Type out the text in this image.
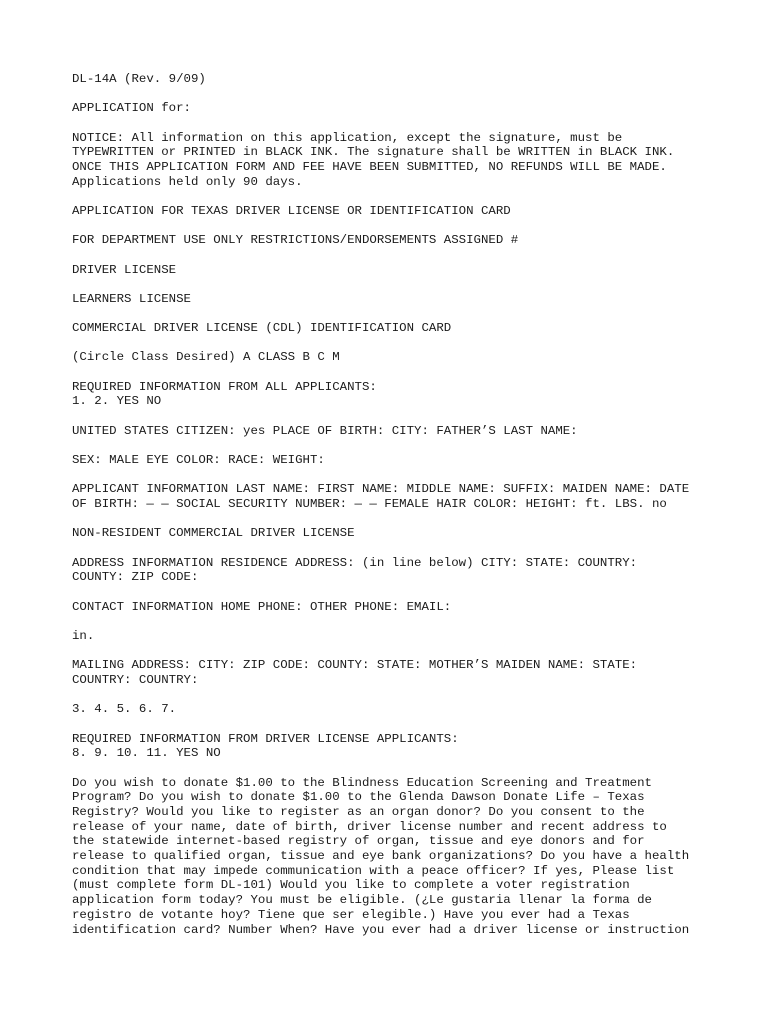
DL-14A (Rev. 9/09)

APPLICATION for:

NOTICE: All information on this application, except the signature, must be
TYPEWRITTEN or PRINTED in BLACK INK. The signature shall be WRITTEN in BLACK INK.
ONCE THIS APPLICATION FORM AND FEE HAVE BEEN SUBMITTED, NO REFUNDS WILL BE MADE.
Applications held only 90 days.

APPLICATION FOR TEXAS DRIVER LICENSE OR IDENTIFICATION CARD

FOR DEPARTMENT USE ONLY RESTRICTIONS/ENDORSEMENTS ASSIGNED #

DRIVER LICENSE

LEARNERS LICENSE

COMMERCIAL DRIVER LICENSE (CDL) IDENTIFICATION CARD

(Circle Class Desired) A CLASS B C M

REQUIRED INFORMATION FROM ALL APPLICANTS:
1. 2. YES NO

UNITED STATES CITIZEN: yes PLACE OF BIRTH: CITY: FATHER’S LAST NAME:

SEX: MALE EYE COLOR: RACE: WEIGHT:

APPLICANT INFORMATION LAST NAME: FIRST NAME: MIDDLE NAME: SUFFIX: MAIDEN NAME: DATE
OF BIRTH: — — SOCIAL SECURITY NUMBER: — — FEMALE HAIR COLOR: HEIGHT: ft. LBS. no

NON-RESIDENT COMMERCIAL DRIVER LICENSE

ADDRESS INFORMATION RESIDENCE ADDRESS: (in line below) CITY: STATE: COUNTRY:
COUNTY: ZIP CODE:

CONTACT INFORMATION HOME PHONE: OTHER PHONE: EMAIL:

in.

MAILING ADDRESS: CITY: ZIP CODE: COUNTY: STATE: MOTHER’S MAIDEN NAME: STATE:
COUNTRY: COUNTRY:

3. 4. 5. 6. 7.

REQUIRED INFORMATION FROM DRIVER LICENSE APPLICANTS:
8. 9. 10. 11. YES NO

Do you wish to donate $1.00 to the Blindness Education Screening and Treatment
Program? Do you wish to donate $1.00 to the Glenda Dawson Donate Life – Texas
Registry? Would you like to register as an organ donor? Do you consent to the
release of your name, date of birth, driver license number and recent address to
the statewide internet-based registry of organ, tissue and eye donors and for
release to qualified organ, tissue and eye bank organizations? Do you have a health
condition that may impede communication with a peace officer? If yes, Please list
(must complete form DL-101) Would you like to complete a voter registration
application form today? You must be eligible. (¿Le gustaria llenar la forma de
registro de votante hoy? Tiene que ser elegible.) Have you ever had a Texas
identification card? Number When? Have you ever had a driver license or instruction
